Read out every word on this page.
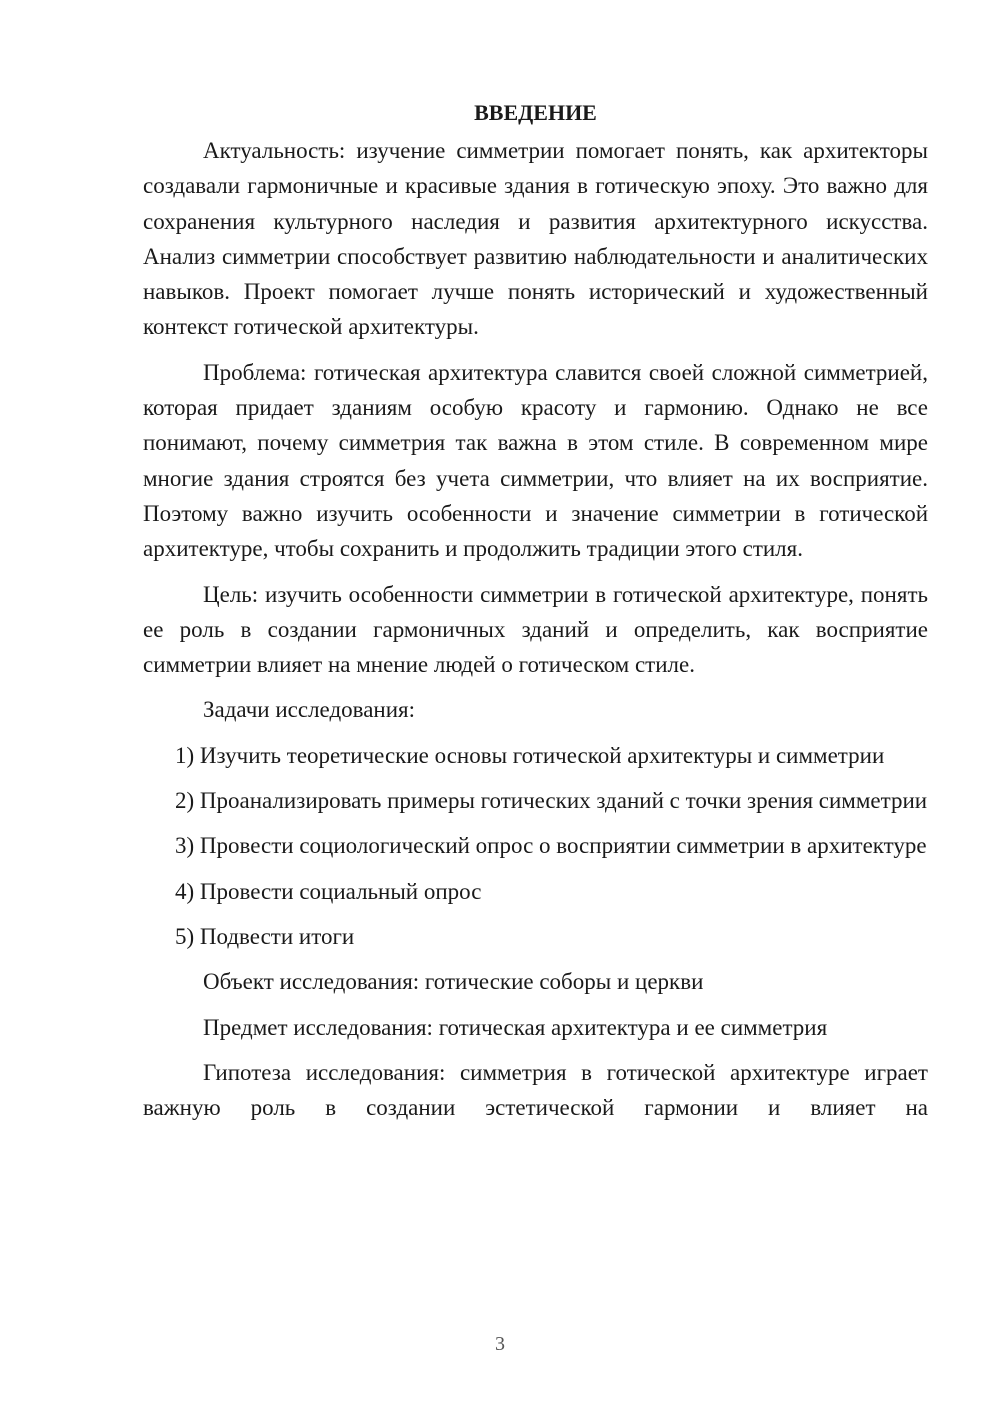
ВВЕДЕНИЕ

Актуальность: изучение симметрии помогает понять, как архитекторы создавали гармоничные и красивые здания в готическую эпоху. Это важно для сохранения культурного наследия и развития архитектурного искусства. Анализ симметрии способствует развитию наблюдательности и аналитических навыков. Проект помогает лучше понять исторический и художественный контекст готической архитектуры.

Проблема: готическая архитектура славится своей сложной симметрией, которая придает зданиям особую красоту и гармонию. Однако не все понимают, почему симметрия так важна в этом стиле. В современном мире многие здания строятся без учета симметрии, что влияет на их восприятие. Поэтому важно изучить особенности и значение симметрии в готической архитектуре, чтобы сохранить и продолжить традиции этого стиля.

Цель: изучить особенности симметрии в готической архитектуре, понять ее роль в создании гармоничных зданий и определить, как восприятие симметрии влияет на мнение людей о готическом стиле.

Задачи исследования:

1) Изучить теоретические основы готической архитектуры и симметрии

2) Проанализировать примеры готических зданий с точки зрения симметрии

3) Провести социологический опрос о восприятии симметрии в архитектуре

4) Провести социальный опрос

5) Подвести итоги

Объект исследования: готические соборы и церкви

Предмет исследования: готическая архитектура и ее симметрия

Гипотеза исследования: симметрия в готической архитектуре играет важную роль в создании эстетической гармонии и влияет на

3
